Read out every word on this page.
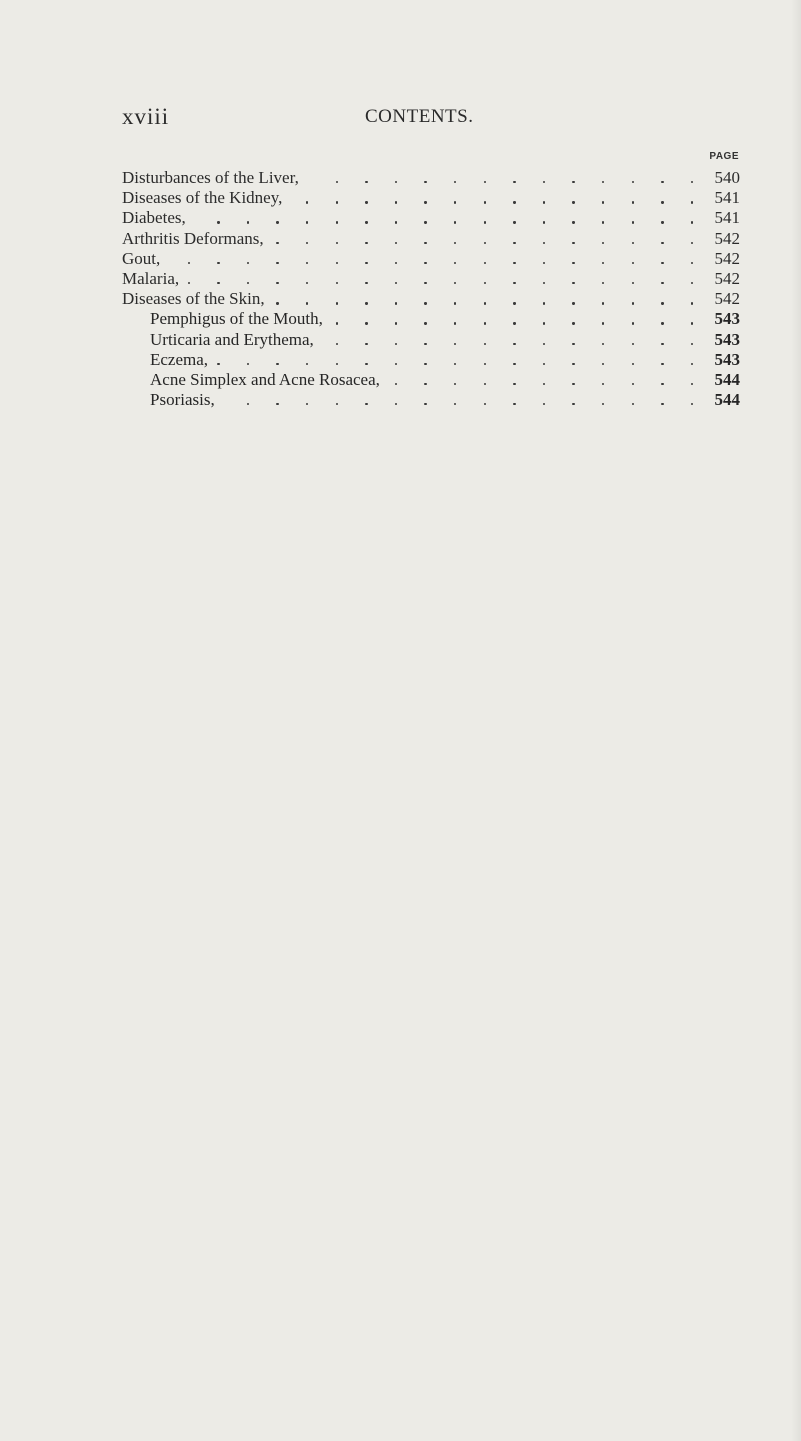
xviii	CONTENTS.
PAGE
Disturbances of the Liver,	540
Diseases of the Kidney,	541
Diabetes,	541
Arthritis Deformans,	542
Gout,	542
Malaria,	542
Diseases of the Skin,	542
Pemphigus of the Mouth,	543
Urticaria and Erythema,	543
Eczema,	543
Acne Simplex and Acne Rosacea,	544
Psoriasis,	544
